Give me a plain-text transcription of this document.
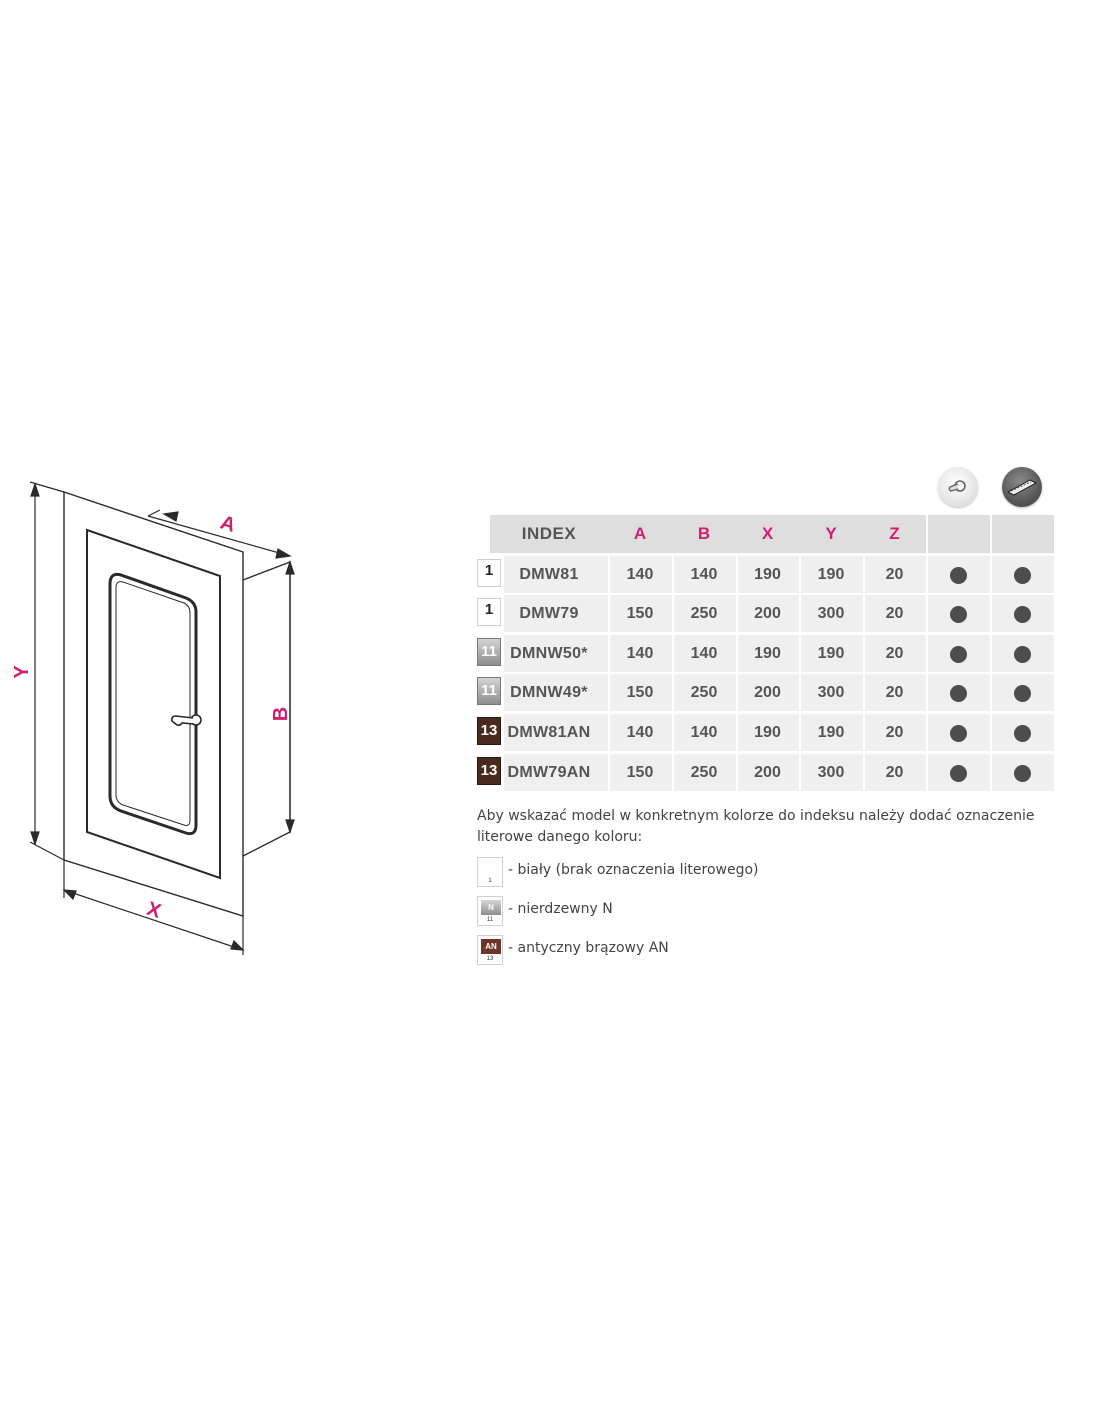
Y
A
B
X
INDEX	A	B	X	Y	Z
1	DMW81	140	140	190	190	20
1	DMW79	150	250	200	300	20
11 DMNW50*	140	140	190	190	20
11 DMNW49*	150	250	200	300	20
13 DMW81AN	140	140	190	190	20
13 DMW79AN	150	250	200	300	20
Aby wskazać model w konkretnym kolorze do indeksu należy dodać oznaczenie literowe danego koloru:
1
- biały (brak oznaczenia literowego)
N
11
- nierdzewny N
AN
13
- antyczny brązowy AN
